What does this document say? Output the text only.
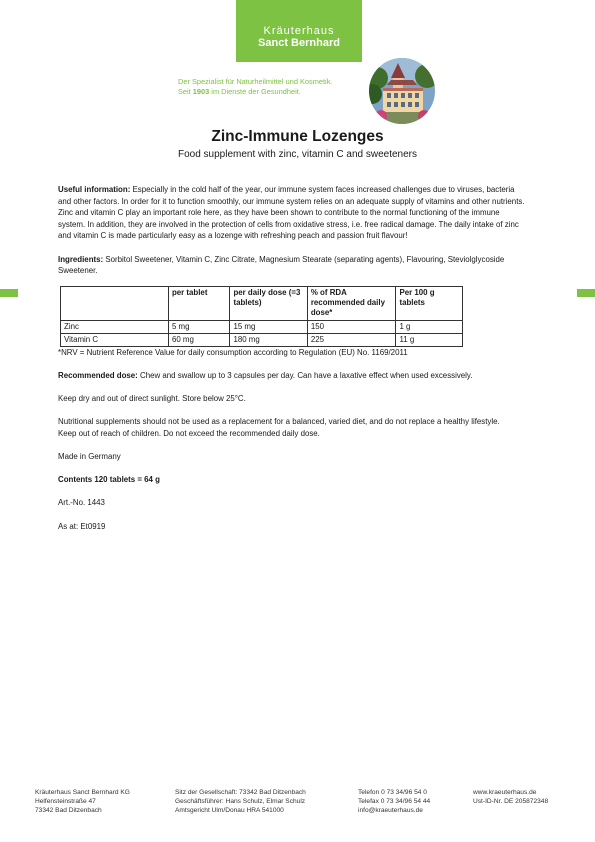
Kräuterhaus
Sanct Bernhard
Der Spezialist für Naturheilmittel und Kosmetik.
Seit 1903 im Dienste der Gesundheit.
Zinc-Immune Lozenges
Food supplement with zinc, vitamin C and sweeteners

Useful information: Especially in the cold half of the year, our immune system faces increased challenges due to viruses, bacteria and other factors. In order for it to function smoothly, our immune system relies on an adequate supply of vitamins and other nutrients. Zinc and vitamin C play an important role here, as they have been shown to contribute to the normal functioning of the immune system. In addition, they are involved in the protection of cells from oxidative stress, i.e. free radical damage. The daily intake of zinc and vitamin C is made particularly easy as a lozenge with refreshing peach and passion fruit flavour!

Ingredients: Sorbitol Sweetener, Vitamin C, Zinc Citrate, Magnesium Stearate (separating agents), Flavouring, Steviolglycoside Sweetener.

	per tablet	per daily dose (=3 tablets)	% of RDA recommended daily dose*	Per 100 g tablets
Zinc	5 mg	15 mg	150	1 g
Vitamin C	60 mg	180 mg	225	11 g

*NRV = Nutrient Reference Value for daily consumption according to Regulation (EU) No. 1169/2011

Recommended dose: Chew and swallow up to 3 capsules per day. Can have a laxative effect when used excessively.

Keep dry and out of direct sunlight. Store below 25°C.

Nutritional supplements should not be used as a replacement for a balanced, varied diet, and do not replace a healthy lifestyle.

Keep out of reach of children. Do not exceed the recommended daily dose.

Made in Germany

Contents 120 tablets = 64 g

Art.-No. 1443

As at: Et0919

Kräuterhaus Sanct Bernhard KG
Helfensteinstraße 47
73342 Bad Ditzenbach
Sitz der Gesellschaft: 73342 Bad Ditzenbach
Geschäftsführer: Hans Schulz, Elmar Schulz
Amtsgericht Ulm/Donau HRA 541000
Telefon 0 73 34/96 54 0
Telefax 0 73 34/96 54 44
info@kraeuterhaus.de
www.kraeuterhaus.de
Ust-ID-Nr. DE 205872348
